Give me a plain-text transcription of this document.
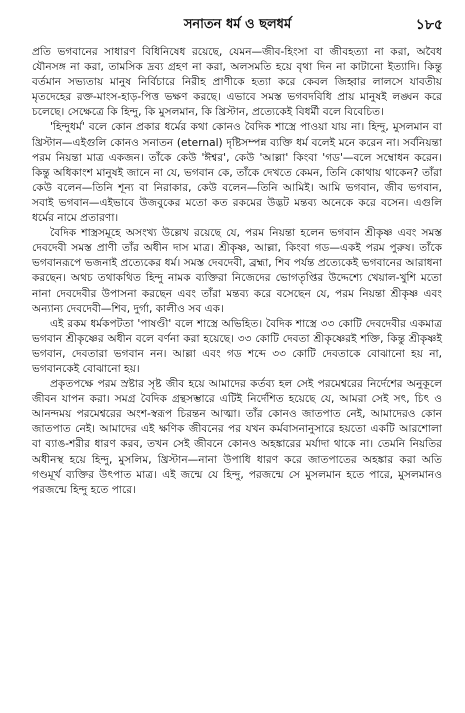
সনাতন ধর্ম ও ছলধর্ম	১৮৫

প্রতি ভগবানের সাধারণ বিধিনিষেধ রয়েছে, যেমন—জীব-হিংসা বা জীবহত্যা না করা, অবৈধ যৌনসঙ্গ না করা, তামসিক দ্রব্য গ্রহণ না করা, অলসমতি হয়ে বৃথা দিন না কাটানো ইত্যাদি। কিন্তু বর্তমান সভ্যতায় মানুষ নির্বিচারে নিরীহ প্রাণীকে হত্যা করে কেবল জিহ্বার লালসে যাবতীয় মৃতদেহের রক্ত-মাংস-হাড়-পিত্ত ভক্ষণ করছে। এভাবে সমস্ত ভগবদবিধি প্রায় মানুষই লঙ্ঘন করে চলেছে। সেক্ষেত্রে কি হিন্দু, কি মুসলমান, কি খ্রিস্টান, প্রত্যেকেই বিধর্মী বলে বিবেচিত।

'হিন্দুধর্ম' বলে কোন প্রকার ধর্মের কথা কোনও বৈদিক শাস্ত্রে পাওয়া যায় না। হিন্দু, মুসলমান বা খ্রিস্টান—এইগুলি কোনও সনাতন (eternal) দৃষ্টিসম্পন্ন ব্যক্তি ধর্ম বলেই মনে করেন না। সর্বনিয়ন্তা পরম নিয়ন্তা মাত্র একজন। তাঁকে কেউ 'ঈশ্বর', কেউ 'আল্লা' কিংবা 'গড'—বলে সম্বোধন করেন। কিন্তু অধিকাংশ মানুষই জানে না যে, ভগবান কে, তাঁকে দেখতে কেমন, তিনি কোথায় থাকেন? তাঁরা কেউ বলেন—তিনি শূন্য বা নিরাকার, কেউ বলেন—তিনি আমিই। আমি ভগবান, জীব ভগবান, সবাই ভগবান—এইভাবে উজবুকের মতো কত রকমের উদ্ভট মন্তব্য অনেকে করে বসেন। এগুলি ধর্মের নামে প্রতারণা।

বৈদিক শাস্ত্রসমূহে অসংখ্য উল্লেখ রয়েছে যে, পরম নিয়ন্তা হলেন ভগবান শ্রীকৃষ্ণ এবং সমস্ত দেবদেবী সমস্ত প্রাণী তাঁর অধীন দাস মাত্র। শ্রীকৃষ্ণ, আল্লা, কিংবা গড—একই পরম পুরুষ। তাঁকে ভগবানরূপে ভজনাই প্রত্যেকের ধর্ম। সমস্ত দেবদেবী, ব্রহ্মা, শিব পর্যন্ত প্রত্যেকেই ভগবানের আরাধনা করছেন। অথচ তথাকথিত হিন্দু নামক ব্যক্তিরা নিজেদের ভোগতৃপ্তির উদ্দেশ্যে খেয়াল-খুশি মতো নানা দেবদেবীর উপাসনা করছেন এবং তাঁরা মন্তব্য করে বসেছেন যে, পরম নিয়ন্তা শ্রীকৃষ্ণ এবং অন্যান্য দেবদেবী—শিব, দুর্গা, কালীও সব এক।

এই রকম ধর্মকপটতা 'পাষণ্ডী' বলে শাস্ত্রে অভিহিত। বৈদিক শাস্ত্রে ৩৩ কোটি দেবদেবীর একমাত্র ভগবান শ্রীকৃষ্ণের অধীন বলে বর্ণনা করা হয়েছে। ৩৩ কোটি দেবতা শ্রীকৃষ্ণেরই শক্তি, কিন্তু শ্রীকৃষ্ণই ভগবান, দেবতারা ভগবান নন। আল্লা এবং গড শব্দে ৩৩ কোটি দেবতাকে বোঝানো হয় না, ভগবানকেই বোঝানো হয়।

প্রকৃতপক্ষে পরম স্রষ্টার সৃষ্ট জীব হয়ে আমাদের কর্তব্য হল সেই পরমেশ্বরের নির্দেশের অনুকূলে জীবন যাপন করা। সমগ্র বৈদিক গ্রন্থসম্ভারে এটিই নির্দেশিত হয়েছে যে, আমরা সেই সৎ, চিৎ ও আনন্দময় পরমেশ্বরের অংশ-স্বরূপ চিরন্তন আত্মা। তাঁর কোনও জাতপাত নেই, আমাদেরও কোন জাতপাত নেই। আমাদের এই ক্ষণিক জীবনের পর যখন কর্মবাসনানুসারে হয়তো একটি আরশোলা বা ব্যাঙ-শরীর ধারণ করব, তখন সেই জীবনে কোনও অহঙ্কারের মর্যাদা থাকে না। তেমনি নিয়তির অধীনস্থ হয়ে হিন্দু, মুসলিম, খ্রিস্টান—নানা উপাধি ধারণ করে জাতপাতের অহঙ্কার করা অতি গণ্ডমূর্খ ব্যক্তির উৎপাত মাত্র। এই জন্মে যে হিন্দু, পরজন্মে সে মুসলমান হতে পারে, মুসলমানও পরজন্মে হিন্দু হতে পারে।
